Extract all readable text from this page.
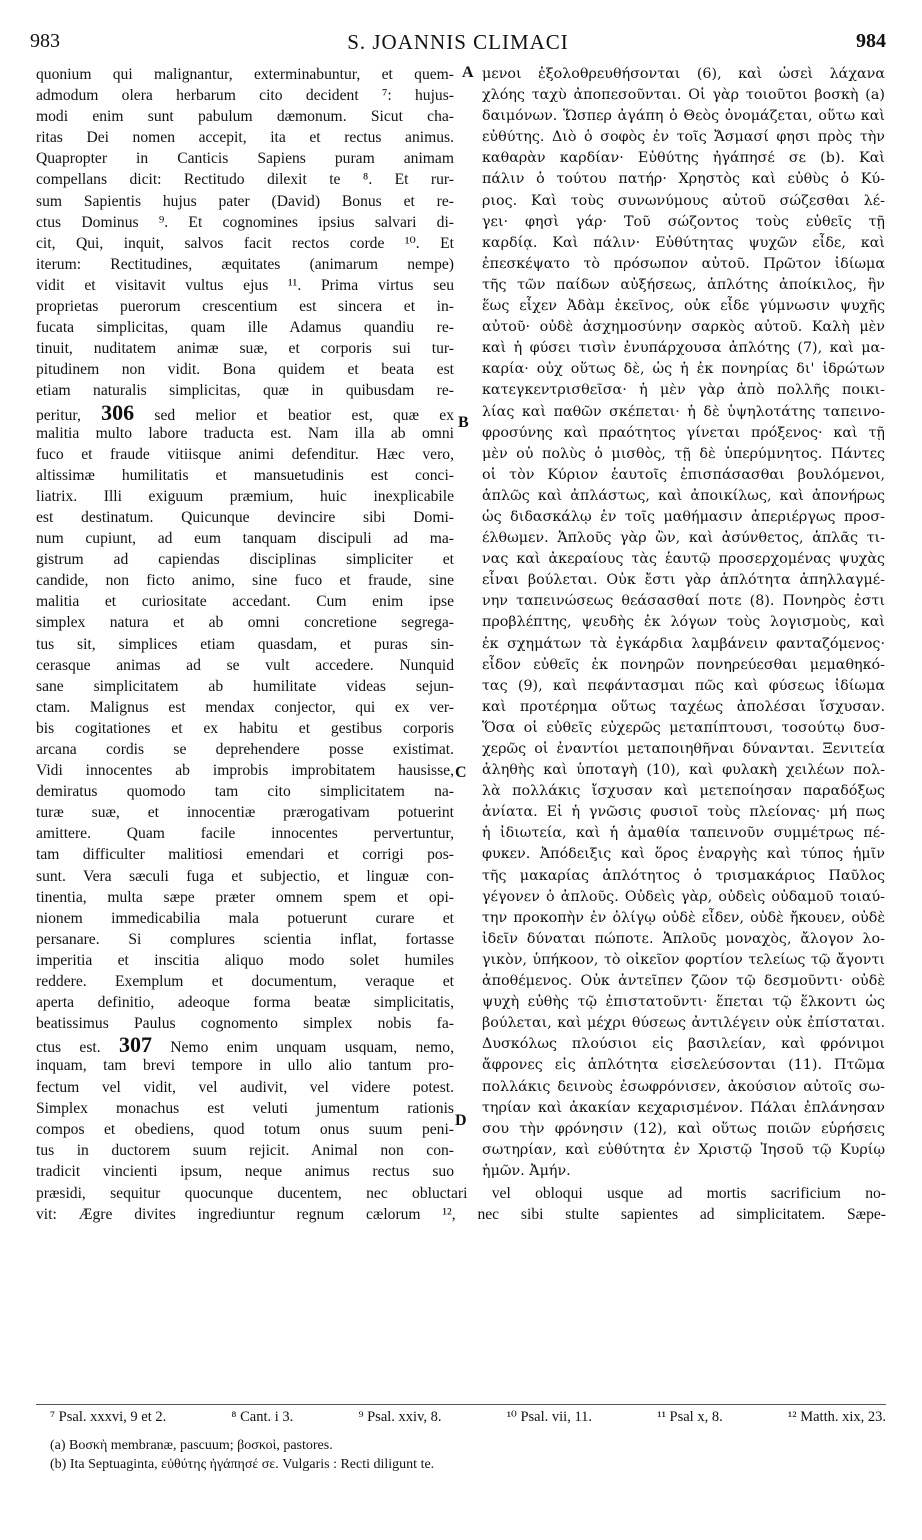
983	S. JOANNIS CLIMACI	984
quonium qui malignantur, exterminabuntur, et quem-
admodum olera herbarum cito decident ⁷: hujus-
modi enim sunt pabulum dæmonum. Sicut cha-
ritas Dei nomen accepit, ita et rectus animus.
Quapropter in Canticis Sapiens puram animam
compellans dicit: Rectitudo dilexit te ⁸. Et rur-
sum Sapientis hujus pater (David) Bonus et re-
ctus Dominus ⁹. Et cognomines ipsius salvari di-
cit, Qui, inquit, salvos facit rectos corde ¹⁰. Et
iterum: Rectitudines, æquitates (animarum nempe)
vidit et visitavit vultus ejus ¹¹. Prima virtus seu
proprietas puerorum crescentium est sincera et in-
fucata simplicitas, quam ille Adamus quandiu re-
tinuit, nuditatem animæ suæ, et corporis sui tur-
pitudinem non vidit. Bona quidem et beata est
etiam naturalis simplicitas, quæ in quibusdam re-
peritur, 306 sed melior et beatior est, quæ ex
malitia multo labore traducta est. Nam illa ab omni
fuco et fraude vitiisque animi defenditur. Hæc vero,
altissimæ humilitatis et mansuetudinis est conci-
liatrix. Illi exiguum præmium, huic inexplicabile
est destinatum. Quicunque devincire sibi Domi-
num cupiunt, ad eum tanquam discipuli ad ma-
gistrum ad capiendas disciplinas simpliciter et
candide, non ficto animo, sine fuco et fraude, sine
malitia et curiositate accedant. Cum enim ipse
simplex natura et ab omni concretione segrega-
tus sit, simplices etiam quasdam, et puras sin-
cerasque animas ad se vult accedere. Nunquid
sane simplicitatem ab humilitate videas sejun-
ctam. Malignus est mendax conjector, qui ex ver-
bis cogitationes et ex habitu et gestibus corporis
arcana cordis se deprehendere posse existimat.
Vidi innocentes ab improbis improbitatem hausisse,
demiratus quomodo tam cito simplicitatem na-
turæ suæ, et innocentiæ prærogativam potuerint
amittere. Quam facile innocentes pervertuntur,
tam difficulter malitiosi emendari et corrigi pos-
sunt. Vera sæculi fuga et subjectio, et linguæ con-
tinentia, multa sæpe præter omnem spem et opi-
nionem immedicabilia mala potuerunt curare et
persanare. Si complures scientia inflat, fortasse
imperitia et inscitia aliquo modo solet humiles
reddere. Exemplum et documentum, veraque et
aperta definitio, adeoque forma beatæ simplicitatis,
beatissimus Paulus cognomento simplex nobis fa-
ctus est. 307 Nemo enim unquam usquam, nemo,
inquam, tam brevi tempore in ullo alio tantum pro-
fectum vel vidit, vel audivit, vel videre potest.
Simplex monachus est veluti jumentum rationis
compos et obediens, quod totum onus suum peni-
tus in ductorem suum rejicit. Animal non con-
tradicit vincienti ipsum, neque animus rectus suo
A
B
C
D
μενοι ἐξολοθρευθήσονται (6), καὶ ὡσεὶ λάχανα
χλόης ταχὺ ἀποπεσοῦνται. Οἱ γὰρ τοιοῦτοι βοσκὴ (a)
δαιμόνων. Ὥσπερ ἀγάπη ὁ Θεὸς ὀνομάζεται, οὕτω καὶ
εὐθύτης. Διὸ ὁ σοφὸς ἐν τοῖς Ἄσμασί φησι πρὸς τὴν
καθαρὰν καρδίαν· Εὐθύτης ἠγάπησέ σε (b). Καὶ
πάλιν ὁ τούτου πατήρ· Χρηστὸς καὶ εὐθὺς ὁ Κύ-
ριος. Καὶ τοὺς συνωνύμους αὐτοῦ σώζεσθαι λέ-
γει· φησὶ γάρ· Τοῦ σώζοντος τοὺς εὐθεῖς τῇ
καρδίᾳ. Καὶ πάλιν· Εὐθύτητας ψυχῶν εἶδε, καὶ
ἐπεσκέψατο τὸ πρόσωπον αὐτοῦ. Πρῶτον ἰδίωμα
τῆς τῶν παίδων αὐξήσεως, ἁπλότης ἀποίκιλος, ἣν
ἕως εἶχεν Ἀδὰμ ἐκεῖνος, οὐκ εἶδε γύμνωσιν ψυχῆς
αὐτοῦ· οὐδὲ ἀσχημοσύνην σαρκὸς αὐτοῦ. Καλὴ μὲν
καὶ ἡ φύσει τισὶν ἐνυπάρχουσα ἁπλότης (7), καὶ μα-
καρία· οὐχ οὕτως δὲ, ὡς ἡ ἐκ πονηρίας δι' ἱδρώτων
κατεγκεντρισθεῖσα· ἡ μὲν γὰρ ἀπὸ πολλῆς ποικι-
λίας καὶ παθῶν σκέπεται· ἡ δὲ ὑψηλοτάτης ταπεινο-
φροσύνης καὶ πραότητος γίνεται πρόξενος· καὶ τῇ
μὲν οὐ πολὺς ὁ μισθὸς, τῇ δὲ ὑπερύμνητος. Πάντες
οἱ τὸν Κύριον ἑαυτοῖς ἐπισπάσασθαι βουλόμενοι,
ἁπλῶς καὶ ἀπλάστως, καὶ ἀποικίλως, καὶ ἀπονήρως
ὡς διδασκάλῳ ἐν τοῖς μαθήμασιν ἀπεριέργως προσ-
έλθωμεν. Ἁπλοῦς γὰρ ὢν, καὶ ἀσύνθετος, ἁπλᾶς τι-
νας καὶ ἀκεραίους τὰς ἑαυτῷ προσερχομένας ψυχὰς
εἶναι βούλεται. Οὐκ ἔστι γὰρ ἁπλότητα ἀπηλλαγμέ-
νην ταπεινώσεως θεάσασθαί ποτε (8). Πονηρὸς ἐστι
προβλέπτης, ψευδὴς ἐκ λόγων τοὺς λογισμοὺς, καὶ
ἐκ σχημάτων τὰ ἐγκάρδια λαμβάνειν φανταζόμενος·
εἶδον εὐθεῖς ἐκ πονηρῶν πονηρεύεσθαι μεμαθηκό-
τας (9), καὶ πεφάντασμαι πῶς καὶ φύσεως ἰδίωμα
καὶ προτέρημα οὕτως ταχέως ἀπολέσαι ἴσχυσαν.
Ὅσα οἱ εὐθεῖς εὐχερῶς μεταπίπτουσι, τοσούτῳ δυσ-
χερῶς οἱ ἐναντίοι μεταποιηθῆναι δύνανται. Ξενιτεία
ἀληθὴς καὶ ὑποταγὴ (10), καὶ φυλακὴ χειλέων πολ-
λὰ πολλάκις ἴσχυσαν καὶ μετεποίησαν παραδόξως
ἀνίατα. Εἰ ἡ γνῶσις φυσιοῖ τοὺς πλείονας· μή πως
ἡ ἰδιωτεία, καὶ ἡ ἀμαθία ταπεινοῦν συμμέτρως πέ-
φυκεν. Ἀπόδειξις καὶ ὅρος ἐναργὴς καὶ τύπος ἡμῖν
τῆς μακαρίας ἁπλότητος ὁ τρισμακάριος Παῦλος
γέγονεν ὁ ἁπλοῦς. Οὐδεὶς γὰρ, οὐδεὶς οὐδαμοῦ τοιαύ-
την προκοπὴν ἐν ὀλίγῳ οὐδὲ εἶδεν, οὐδὲ ἤκουεν, οὐδὲ
ἰδεῖν δύναται πώποτε. Ἁπλοῦς μοναχὸς, ἄλογον λο-
γικὸν, ὑπήκοον, τὸ οἰκεῖον φορτίον τελείως τῷ ἄγοντι
ἀποθέμενος. Οὐκ ἀντεῖπεν ζῶον τῷ δεσμοῦντι· οὐδὲ
ψυχὴ εὐθὴς τῷ ἐπιστατοῦντι· ἕπεται τῷ ἕλκοντι ὡς
βούλεται, καὶ μέχρι θύσεως ἀντιλέγειν οὐκ ἐπίσταται.
Δυσκόλως πλούσιοι εἰς βασιλείαν, καὶ φρόνιμοι
ἄφρονες εἰς ἁπλότητα εἰσελεύσονται (11). Πτῶμα
πολλάκις δεινοὺς ἐσωφρόνισεν, ἀκούσιον αὐτοῖς σω-
τηρίαν καὶ ἀκακίαν κεχαρισμένον. Πάλαι ἐπλάνησαν
σου τὴν φρόνησιν (12), καὶ οὕτως ποιῶν εὑρήσεις
σωτηρίαν, καὶ εὐθύτητα ἐν Χριστῷ Ἰησοῦ τῷ Κυρίῳ
ἡμῶν. Ἀμήν.
præsidi, sequitur quocunque ducentem, nec obluctari vel obloqui usque ad mortis sacrificium no-
vit: Ægre divites ingrediuntur regnum cælorum ¹², nec sibi stulte sapientes ad simplicitatem. Sæpe-
⁷ Psal. xxxvi, 9 et 2.	⁸ Cant. i 3.	⁹ Psal. xxiv, 8.	¹⁰ Psal. vii, 11.	¹¹ Psal x, 8.	¹² Matth. xix, 23.
(a) Βοσκὴ membranæ, pascuum; βοσκοὶ, pastores.
(b) Ita Septuaginta, εὐθύτης ἠγάπησέ σε. Vulgaris : Recti diligunt te.
